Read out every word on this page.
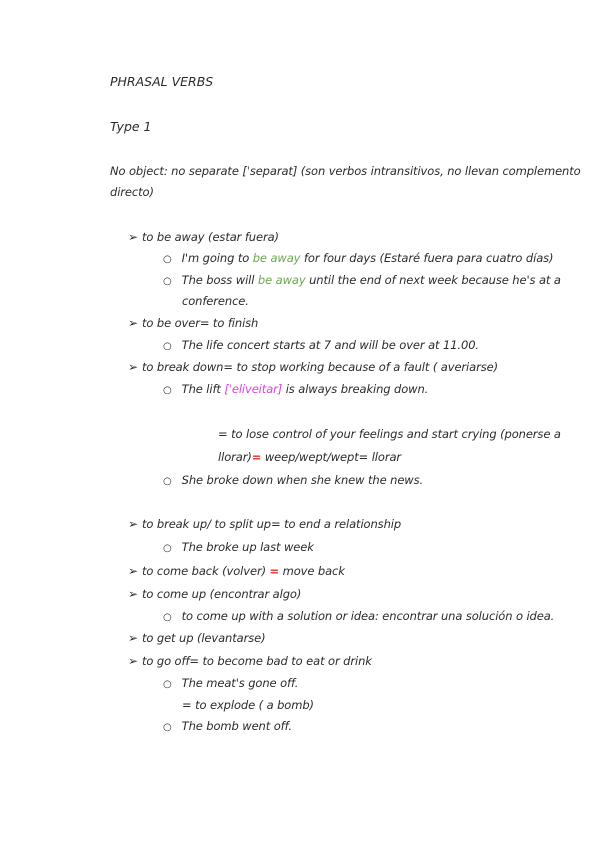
PHRASAL VERBS
Type 1
No object: no separate [ˈseparat] (son verbos intransitivos, no llevan complemento
directo)
➢ to be away (estar fuera)
○ I'm going to be away for four days (Estaré fuera para cuatro días)
○ The boss will be away until the end of next week because he's at a
conference.
➢ to be over= to finish
○ The life concert starts at 7 and will be over at 11.00.
➢ to break down= to stop working because of a fault ( averiarse)
○ The lift [ˈeliveitar] is always breaking down.
= to lose control of your feelings and start crying (ponerse a
llorar)= weep/wept/wept= llorar
○ She broke down when she knew the news.
➢ to break up/ to split up= to end a relationship
○ The broke up last week
➢ to come back (volver) = move back
➢ to come up (encontrar algo)
○ to come up with a solution or idea: encontrar una solución o idea.
➢ to get up (levantarse)
➢ to go off= to become bad to eat or drink
○ The meat's gone off.
= to explode ( a bomb)
○ The bomb went off.
